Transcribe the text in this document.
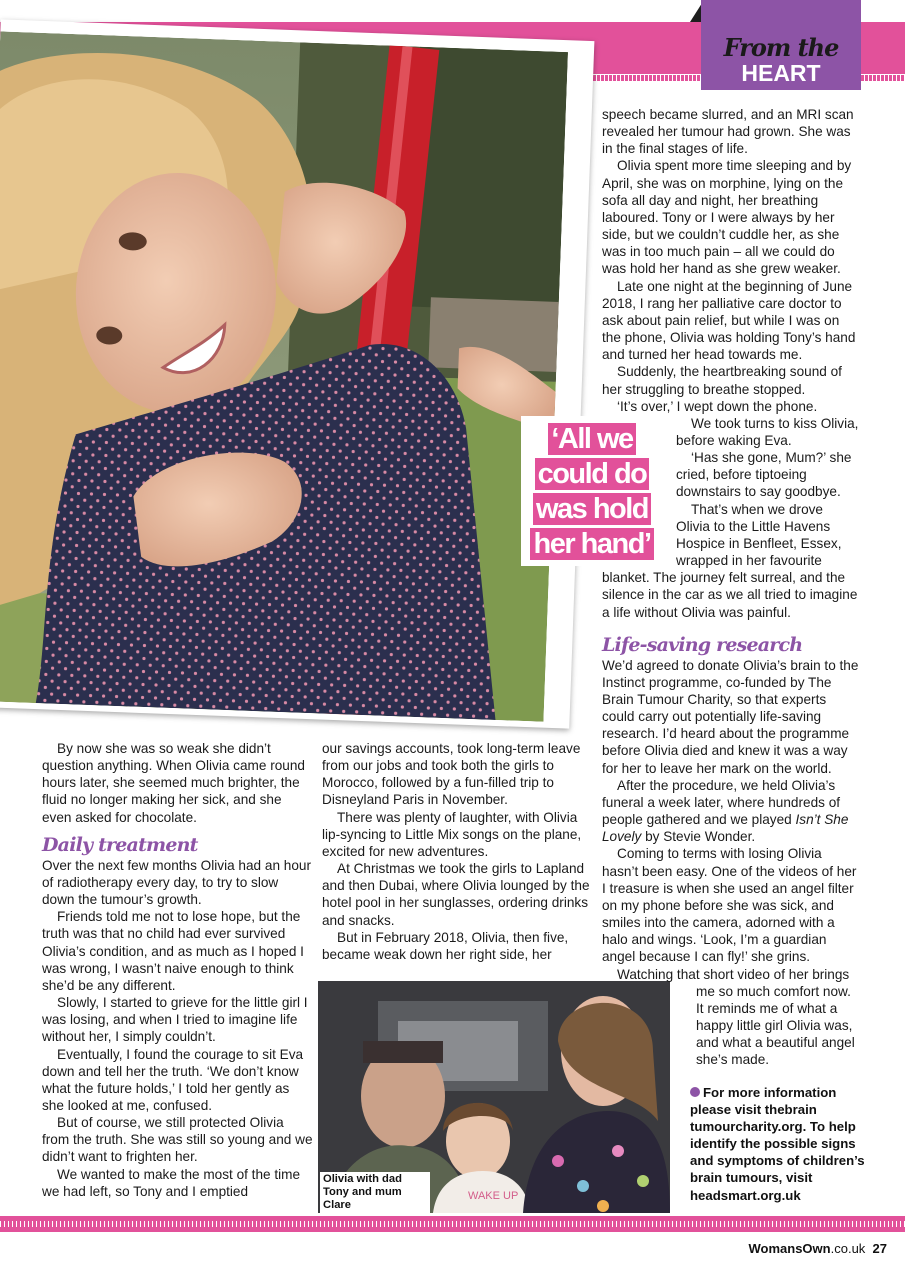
From the
HEART
‘All we
could do
was hold
her hand’

By now she was so weak she didn’t question anything. When Olivia came round hours later, she seemed much brighter, the fluid no longer making her sick, and she even asked for chocolate.

Daily treatment

Over the next few months Olivia had an hour of radiotherapy every day, to try to slow down the tumour’s growth.

Friends told me not to lose hope, but the truth was that no child had ever survived Olivia’s condition, and as much as I hoped I was wrong, I wasn’t naive enough to think she’d be any different.

Slowly, I started to grieve for the little girl I was losing, and when I tried to imagine life without her, I simply couldn’t.

Eventually, I found the courage to sit Eva down and tell her the truth. ‘We don’t know what the future holds,’ I told her gently as she looked at me, confused.

But of course, we still protected Olivia from the truth. She was still so young and we didn’t want to frighten her.

We wanted to make the most of the time we had left, so Tony and I emptied

our savings accounts, took long-term leave from our jobs and took both the girls to Morocco, followed by a fun-filled trip to Disneyland Paris in November.

There was plenty of laughter, with Olivia lip-syncing to Little Mix songs on the plane, excited for new adventures.

At Christmas we took the girls to Lapland and then Dubai, where Olivia lounged by the hotel pool in her sunglasses, ordering drinks and snacks.

But in February 2018, Olivia, then five, became weak down her right side, her

WAKE UP
Olivia with dad Tony and mum Clare

speech became slurred, and an MRI scan revealed her tumour had grown. She was in the final stages of life.

Olivia spent more time sleeping and by April, she was on morphine, lying on the sofa all day and night, her breathing laboured. Tony or I were always by her side, but we couldn’t cuddle her, as she was in too much pain – all we could do was hold her hand as she grew weaker.

Late one night at the beginning of June 2018, I rang her palliative care doctor to ask about pain relief, but while I was on the phone, Olivia was holding Tony’s hand and turned her head towards me.

Suddenly, the heartbreaking sound of her struggling to breathe stopped.

‘It’s over,’ I wept down the phone.

We took turns to kiss Olivia, before waking Eva.

‘Has she gone, Mum?’ she cried, before tiptoeing downstairs to say goodbye.

That’s when we drove Olivia to the Little Havens Hospice in Benfleet, Essex, wrapped in her favourite

blanket. The journey felt surreal, and the silence in the car as we all tried to imagine a life without Olivia was painful.

Life-saving research

We’d agreed to donate Olivia’s brain to the Instinct programme, co-funded by The Brain Tumour Charity, so that experts could carry out potentially life-saving research. I’d heard about the programme before Olivia died and knew it was a way for her to leave her mark on the world.

After the procedure, we held Olivia’s funeral a week later, where hundreds of people gathered and we played Isn’t She Lovely by Stevie Wonder.

Coming to terms with losing Olivia hasn’t been easy. One of the videos of her I treasure is when she used an angel filter on my phone before she was sick, and smiles into the camera, adorned with a halo and wings. ‘Look, I’m a guardian angel because I can fly!’ she grins.

Watching that short video of her brings

me so much comfort now. It reminds me of what a happy little girl Olivia was, and what a beautiful angel she’s made.

For more information please visit thebrain tumourcharity.org. To help identify the possible signs and symptoms of children’s brain tumours, visit headsmart.org.uk
WomansOwn.co.uk 27
